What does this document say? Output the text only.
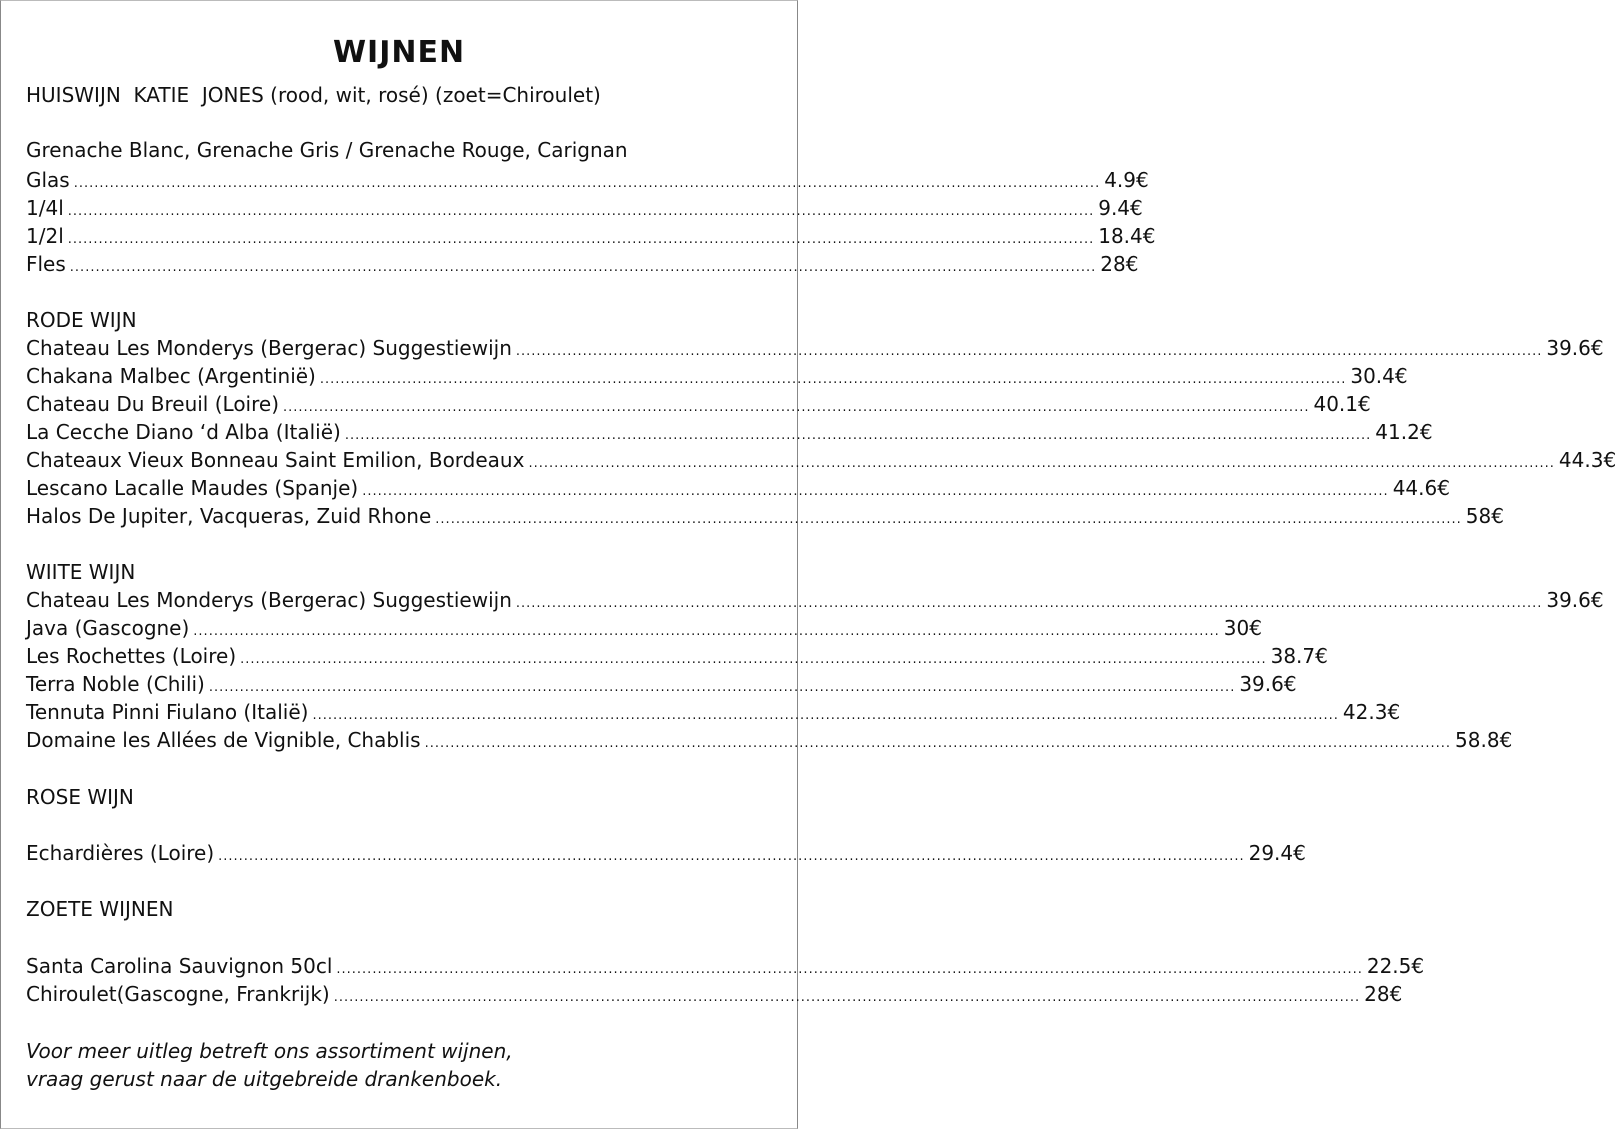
WIJNEN
HUISWIJN  KATIE  JONES (rood, wit, rosé) (zoet=Chiroulet)
Grenache Blanc, Grenache Gris / Grenache Rouge, Carignan
Glas ........................................................................................................................................................................................................ 4.9€
1/4l ........................................................................................................................................................................................................ 9.4€
1/2l ........................................................................................................................................................................................................ 18.4€
Fles ........................................................................................................................................................................................................ 28€
RODE WIJN
Chateau Les Monderys (Bergerac) Suggestiewijn ........................................................................................................................................................................................................ 39.6€
Chakana Malbec (Argentinië) ........................................................................................................................................................................................................ 30.4€
Chateau Du Breuil (Loire) ........................................................................................................................................................................................................ 40.1€
La Cecche Diano ‘d Alba (Italië) ........................................................................................................................................................................................................ 41.2€
Chateaux Vieux Bonneau Saint Emilion, Bordeaux ........................................................................................................................................................................................................ 44.3€
Lescano Lacalle Maudes (Spanje) ........................................................................................................................................................................................................ 44.6€
Halos De Jupiter, Vacqueras, Zuid Rhone ........................................................................................................................................................................................................ 58€
WIITE WIJN
Chateau Les Monderys (Bergerac) Suggestiewijn ........................................................................................................................................................................................................ 39.6€
Java (Gascogne) ........................................................................................................................................................................................................ 30€
Les Rochettes (Loire) ........................................................................................................................................................................................................ 38.7€
Terra Noble (Chili) ........................................................................................................................................................................................................ 39.6€
Tennuta Pinni Fiulano (Italië) ........................................................................................................................................................................................................ 42.3€
Domaine les Allées de Vignible, Chablis ........................................................................................................................................................................................................ 58.8€
ROSE WIJN
Echardières (Loire) ........................................................................................................................................................................................................ 29.4€
ZOETE WIJNEN
Santa Carolina Sauvignon 50cl ........................................................................................................................................................................................................ 22.5€
Chiroulet(Gascogne, Frankrijk) ........................................................................................................................................................................................................ 28€
Voor meer uitleg betreft ons assortiment wijnen,
vraag gerust naar de uitgebreide drankenboek.
